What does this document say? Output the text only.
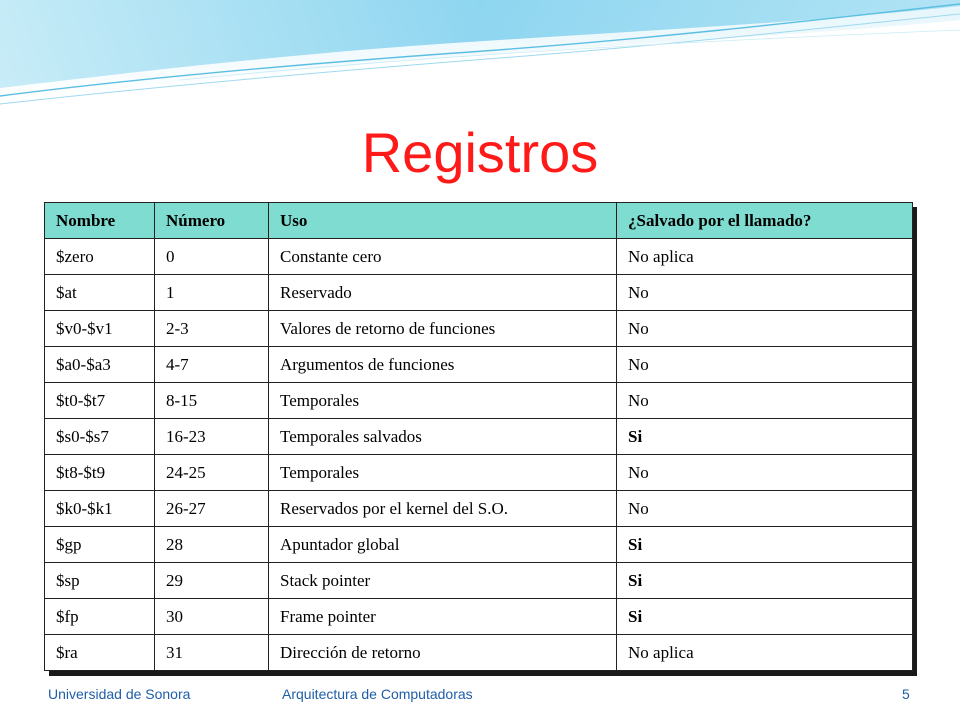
Registros
Nombre	Número	Uso	¿Salvado por el llamado?
$zero	0	Constante cero	No aplica
$at	1	Reservado	No
$v0-$v1	2-3	Valores de retorno de funciones	No
$a0-$a3	4-7	Argumentos de funciones	No
$t0-$t7	8-15	Temporales	No
$s0-$s7	16-23	Temporales salvados	Si
$t8-$t9	24-25	Temporales	No
$k0-$k1	26-27	Reservados por el kernel del S.O.	No
$gp	28	Apuntador global	Si
$sp	29	Stack pointer	Si
$fp	30	Frame pointer	Si
$ra	31	Dirección de retorno	No aplica
Universidad de Sonora	Arquitectura de Computadoras	5
